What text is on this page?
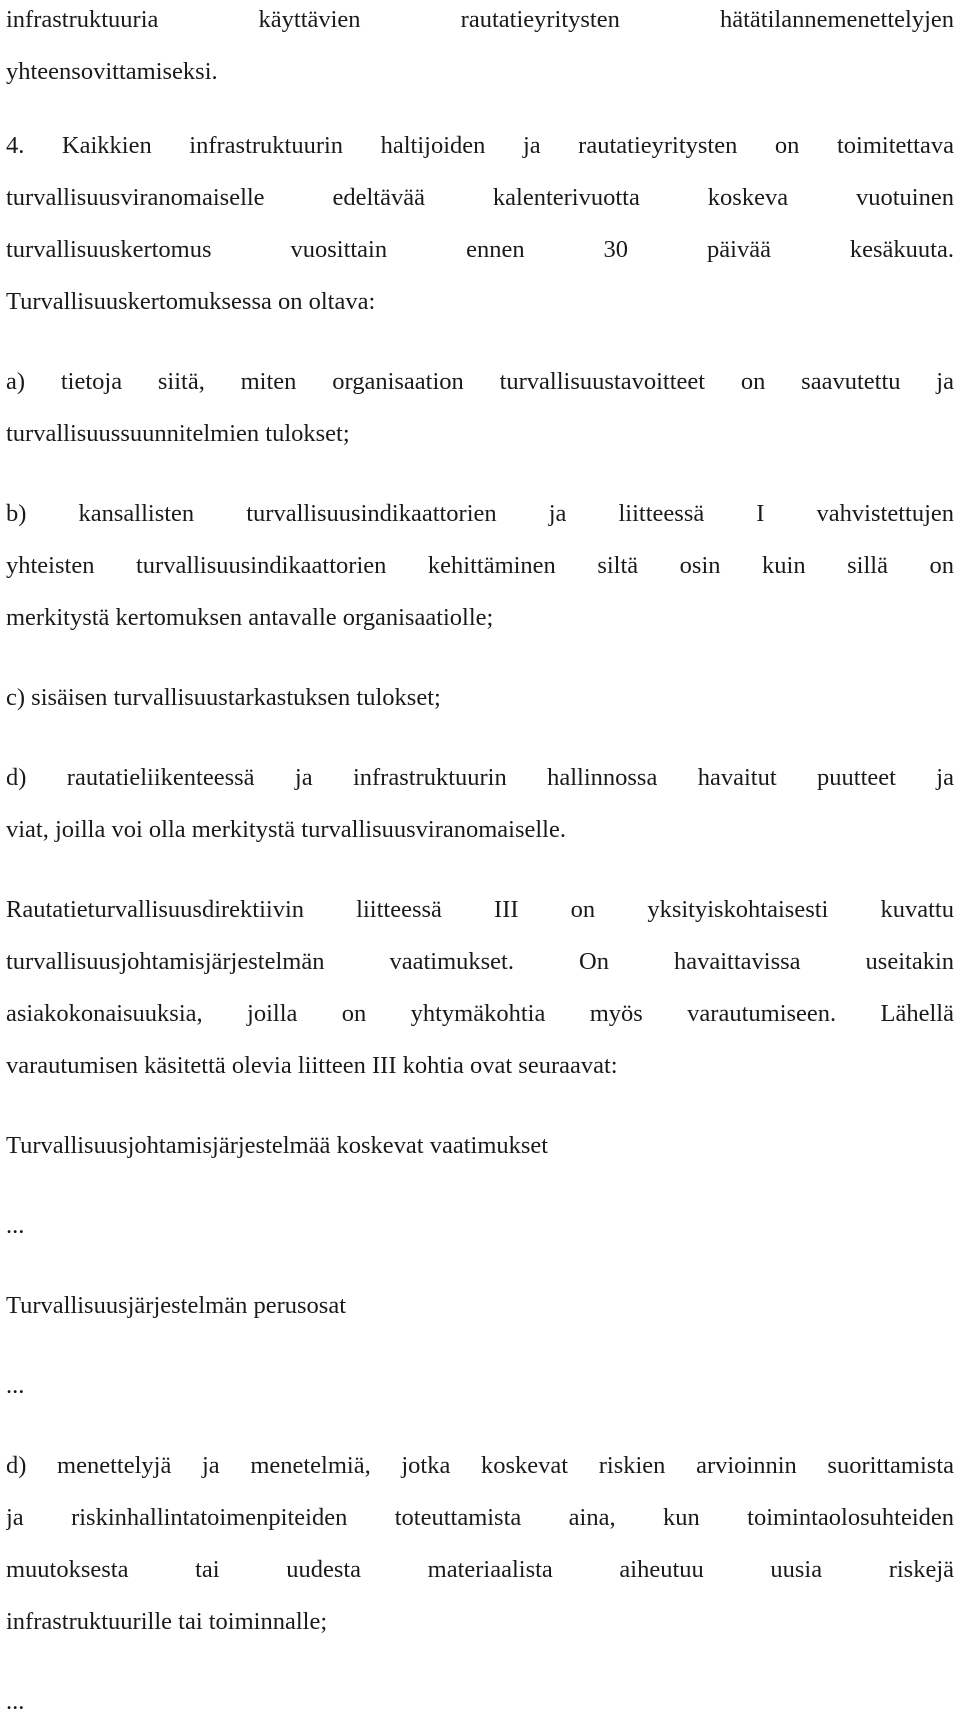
infrastruktuuria käyttävien rautatieyritysten hätätilannemenettelyjen
yhteensovittamiseksi.

4. Kaikkien infrastruktuurin haltijoiden ja rautatieyritysten on toimitettava
turvallisuusviranomaiselle edeltävää kalenterivuotta koskeva vuotuinen
turvallisuuskertomus vuosittain ennen 30 päivää kesäkuuta.
Turvallisuuskertomuksessa on oltava:

a) tietoja siitä, miten organisaation turvallisuustavoitteet on saavutettu ja
turvallisuussuunnitelmien tulokset;

b) kansallisten turvallisuusindikaattorien ja liitteessä I vahvistettujen
yhteisten turvallisuusindikaattorien kehittäminen siltä osin kuin sillä on
merkitystä kertomuksen antavalle organisaatiolle;

c) sisäisen turvallisuustarkastuksen tulokset;

d) rautatieliikenteessä ja infrastruktuurin hallinnossa havaitut puutteet ja
viat, joilla voi olla merkitystä turvallisuusviranomaiselle.

Rautatieturvallisuusdirektiivin liitteessä III on yksityiskohtaisesti kuvattu
turvallisuusjohtamisjärjestelmän vaatimukset. On havaittavissa useitakin
asiakokonaisuuksia, joilla on yhtymäkohtia myös varautumiseen. Lähellä
varautumisen käsitettä olevia liitteen III kohtia ovat seuraavat:

Turvallisuusjohtamisjärjestelmää koskevat vaatimukset

...

Turvallisuusjärjestelmän perusosat

...

d) menettelyjä ja menetelmiä, jotka koskevat riskien arvioinnin suorittamista
ja riskinhallintatoimenpiteiden toteuttamista aina, kun toimintaolosuhteiden
muutoksesta tai uudesta materiaalista aiheutuu uusia riskejä
infrastruktuurille tai toiminnalle;

...
